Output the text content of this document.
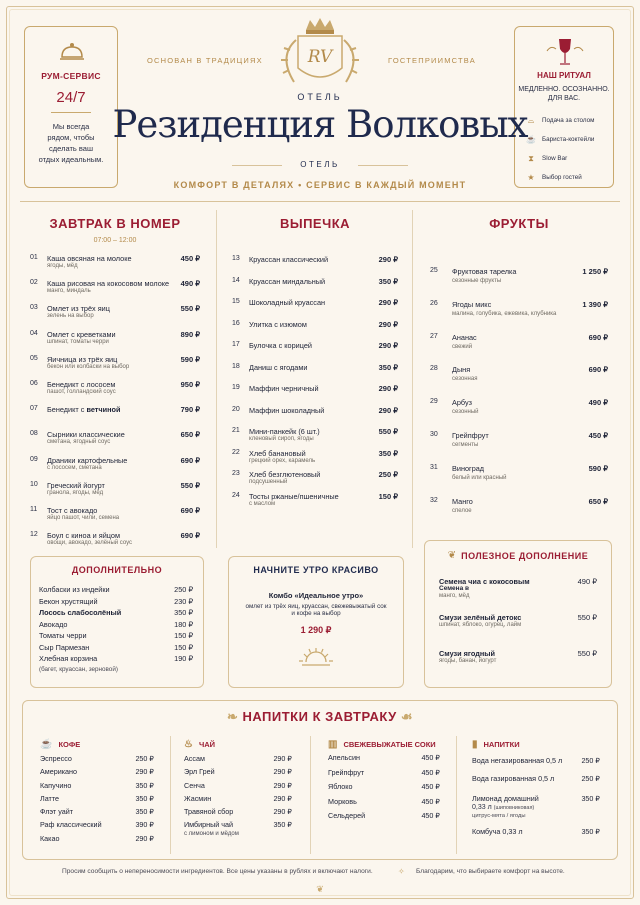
РУМ-СЕРВИС
24/7
Мы всегда
рядом, чтобы
сделать ваш
отдых идеальным.
НАШ РИТУАЛ
МЕДЛЕННО. ОСОЗНАННО.
ДЛЯ ВАС.
⌓	Подача за столом
☕ Бариста-коктейли
⧗	Slow Bar
★	Выбор гостей
ОСНОВАН В ТРАДИЦИЯХ	ГОСТЕПРИИМСТВА
RV
ОТЕЛЬ
Резиденция Волковых
ОТЕЛЬ
КОМФОРТ В ДЕТАЛЯХ • СЕРВИС В КАЖДЫЙ МОМЕНТ
ЗАВТРАК В НОМЕР
07:00 – 12:00
01 Каша овсяная на молоке
ягоды, мёд
450 ₽
02 Каша рисовая на кокосовом молоке
манго, миндаль
490 ₽
03 Омлет из трёх яиц
зелень на выбор
550 ₽
04 Омлет с креветками
шпинат, томаты черри
890 ₽
05 Яичница из трёх яиц
бекон или колбаски на выбор
590 ₽
06 Бенедикт с лососем
пашот, голландский соус
950 ₽
07 Бенедикт с ветчиной	790 ₽
08 Сырники классические
сметана, ягодный соус
650 ₽
09 Драники картофельные
с лососем, сметана
690 ₽
10 Греческий йогурт
гранола, ягоды, мёд
550 ₽
11 Тост с авокадо
яйцо пашот, чили, семена
690 ₽
12 Боул с киноа и яйцом
овощи, авокадо, зелёный соус
690 ₽
ВЫПЕЧКА
13 Круассан классический	290 ₽
14 Круассан миндальный	350 ₽
15 Шоколадный круассан	290 ₽
16 Улитка с изюмом	290 ₽
17 Булочка с корицей	290 ₽
18 Даниш с ягодами	350 ₽
19 Маффин черничный	290 ₽
20 Маффин шоколадный	290 ₽
21 Мини-панкейк (6 шт.)
кленовый сироп, ягоды
550 ₽
22 Хлеб банановый
грецкий орех, карамель
350 ₽
23 Хлеб безглютеновый
подсушенный
250 ₽
24 Тосты ржаные/пшеничные
с маслом
150 ₽
ФРУКТЫ
25 Фруктовая тарелка
сезонные фрукты
1 250 ₽
26 Ягоды микс
малина, голубика, ежевика, клубника
1 390 ₽
27 Ананас
свежий
690 ₽
28 Дыня
сезонная
690 ₽
29 Арбуз
сезонный
490 ₽
30 Грейпфрут
сегменты
450 ₽
31 Виноград
белый или красный
590 ₽
32 Манго
спелое
650 ₽
ДОПОЛНИТЕЛЬНО
Колбаски из индейки	250 ₽
Бекон хрустящий	230 ₽
Лосось слабосолёный	350 ₽
Авокадо	180 ₽
Томаты черри	150 ₽
Сыр Пармезан	150 ₽
Хлебная корзина	190 ₽
(багет, круассан, зерновой)
НАЧНИТЕ УТРО КРАСИВО
Комбо «Идеальное утро»
омлет из трёх яиц, круассан, свежевыжатый сок
и кофе на выбор
1 290 ₽
❦ ПОЛЕЗНОЕ ДОПОЛНЕНИЕ
Семена чиа с кокосовым
Семена в
манго, мёд
490 ₽
Смузи зелёный детокс
шпинат, яблоко, огурец, лайм
550 ₽
Смузи ягодный
ягоды, банан, йогурт
550 ₽
❧ НАПИТКИ К ЗАВТРАКУ ☙
☕ КОФЕ
Эспрессо	250 ₽
Американо	290 ₽
Капучино	350 ₽
Латте	350 ₽
Флэт уайт	350 ₽
Раф классический	390 ₽
Какао	290 ₽
♨ ЧАЙ
Ассам	290 ₽
Эрл Грей	290 ₽
Сенча	290 ₽
Жасмин	290 ₽
Травяной сбор	290 ₽
Имбирный чай	350 ₽
с лимоном и мёдом
▥ СВЕЖЕВЫЖАТЫЕ СОКИ
Апельсин	450 ₽
Грейпфрут	450 ₽
Яблоко	450 ₽
Морковь	450 ₽
Сельдерей	450 ₽
▮ НАПИТКИ
Вода негазированная 0,5 л	250 ₽
Вода газированная 0,5 л	250 ₽
Лимонад домашний	350 ₽
0,33 л (шиповниковая)
цитрус-мята / ягоды
Комбуча 0,33 л	350 ₽
Просим сообщить о непереносимости ингредиентов. Все цены указаны в рублях и включают налоги.	✧ Благодарим, что выбираете комфорт на высоте.
❦
